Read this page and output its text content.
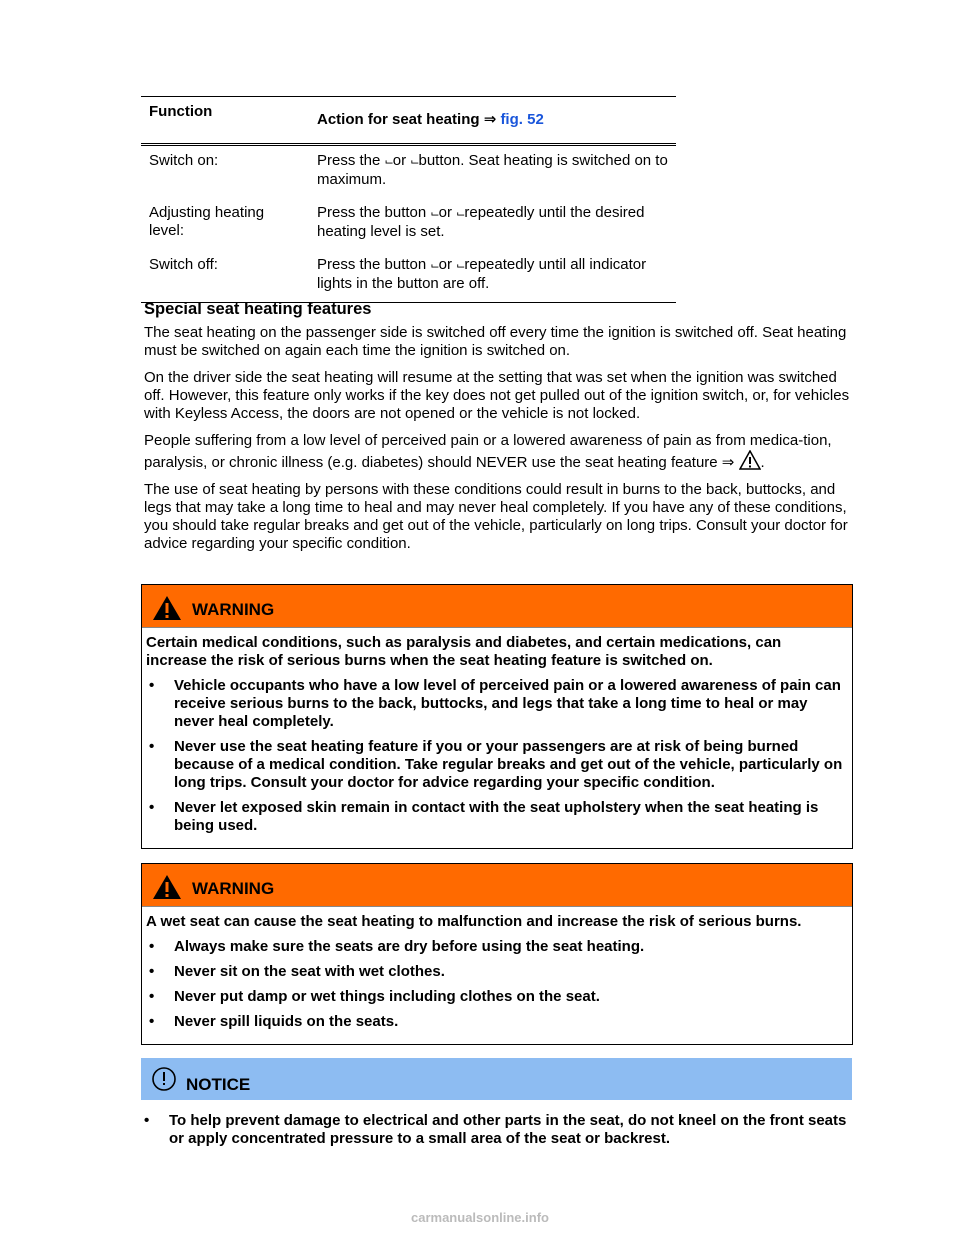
Function	Action for seat heating ⇒ fig. 52
Switch on:	Press the ⌙or ⌙button. Seat heating is switched on to maximum.
Adjusting heating level:	Press the button ⌙or ⌙repeatedly until the desired heating level is set.
Switch off:	Press the button ⌙or ⌙repeatedly until all indicator lights in the button are off.
Special seat heating features

The seat heating on the passenger side is switched off every time the ignition is switched off. Seat heating must be switched on again each time the ignition is switched on.

On the driver side the seat heating will resume at the setting that was set when the ignition was switched off. However, this feature only works if the key does not get pulled out of the ignition switch, or, for vehicles with Keyless Access, the doors are not opened or the vehicle is not locked.

People suffering from a low level of perceived pain or a lowered awareness of pain as from medica-tion, paralysis, or chronic illness (e.g. diabetes) should NEVER use the seat heating feature ⇒ .

The use of seat heating by persons with these conditions could result in burns to the back, buttocks, and legs that may take a long time to heal and may never heal completely. If you have any of these conditions, you should take regular breaks and get out of the vehicle, particularly on long trips. Consult your doctor for advice regarding your specific condition.

WARNING

Certain medical conditions, such as paralysis and diabetes, and certain medications, can increase the risk of serious burns when the seat heating feature is switched on.

• Vehicle occupants who have a low level of perceived pain or a lowered awareness of pain can receive serious burns to the back, buttocks, and legs that take a long time to heal or may never heal completely.
• Never use the seat heating feature if you or your passengers are at risk of being burned because of a medical condition. Take regular breaks and get out of the vehicle, particularly on long trips. Consult your doctor for advice regarding your specific condition.
• Never let exposed skin remain in contact with the seat upholstery when the seat heating is being used.
WARNING

A wet seat can cause the seat heating to malfunction and increase the risk of serious burns.

• Always make sure the seats are dry before using the seat heating.
• Never sit on the seat with wet clothes.
• Never put damp or wet things including clothes on the seat.
• Never spill liquids on the seats.
NOTICE
• To help prevent damage to electrical and other parts in the seat, do not kneel on the front seats or apply concentrated pressure to a small area of the seat or backrest.
carmanualsonline.info
